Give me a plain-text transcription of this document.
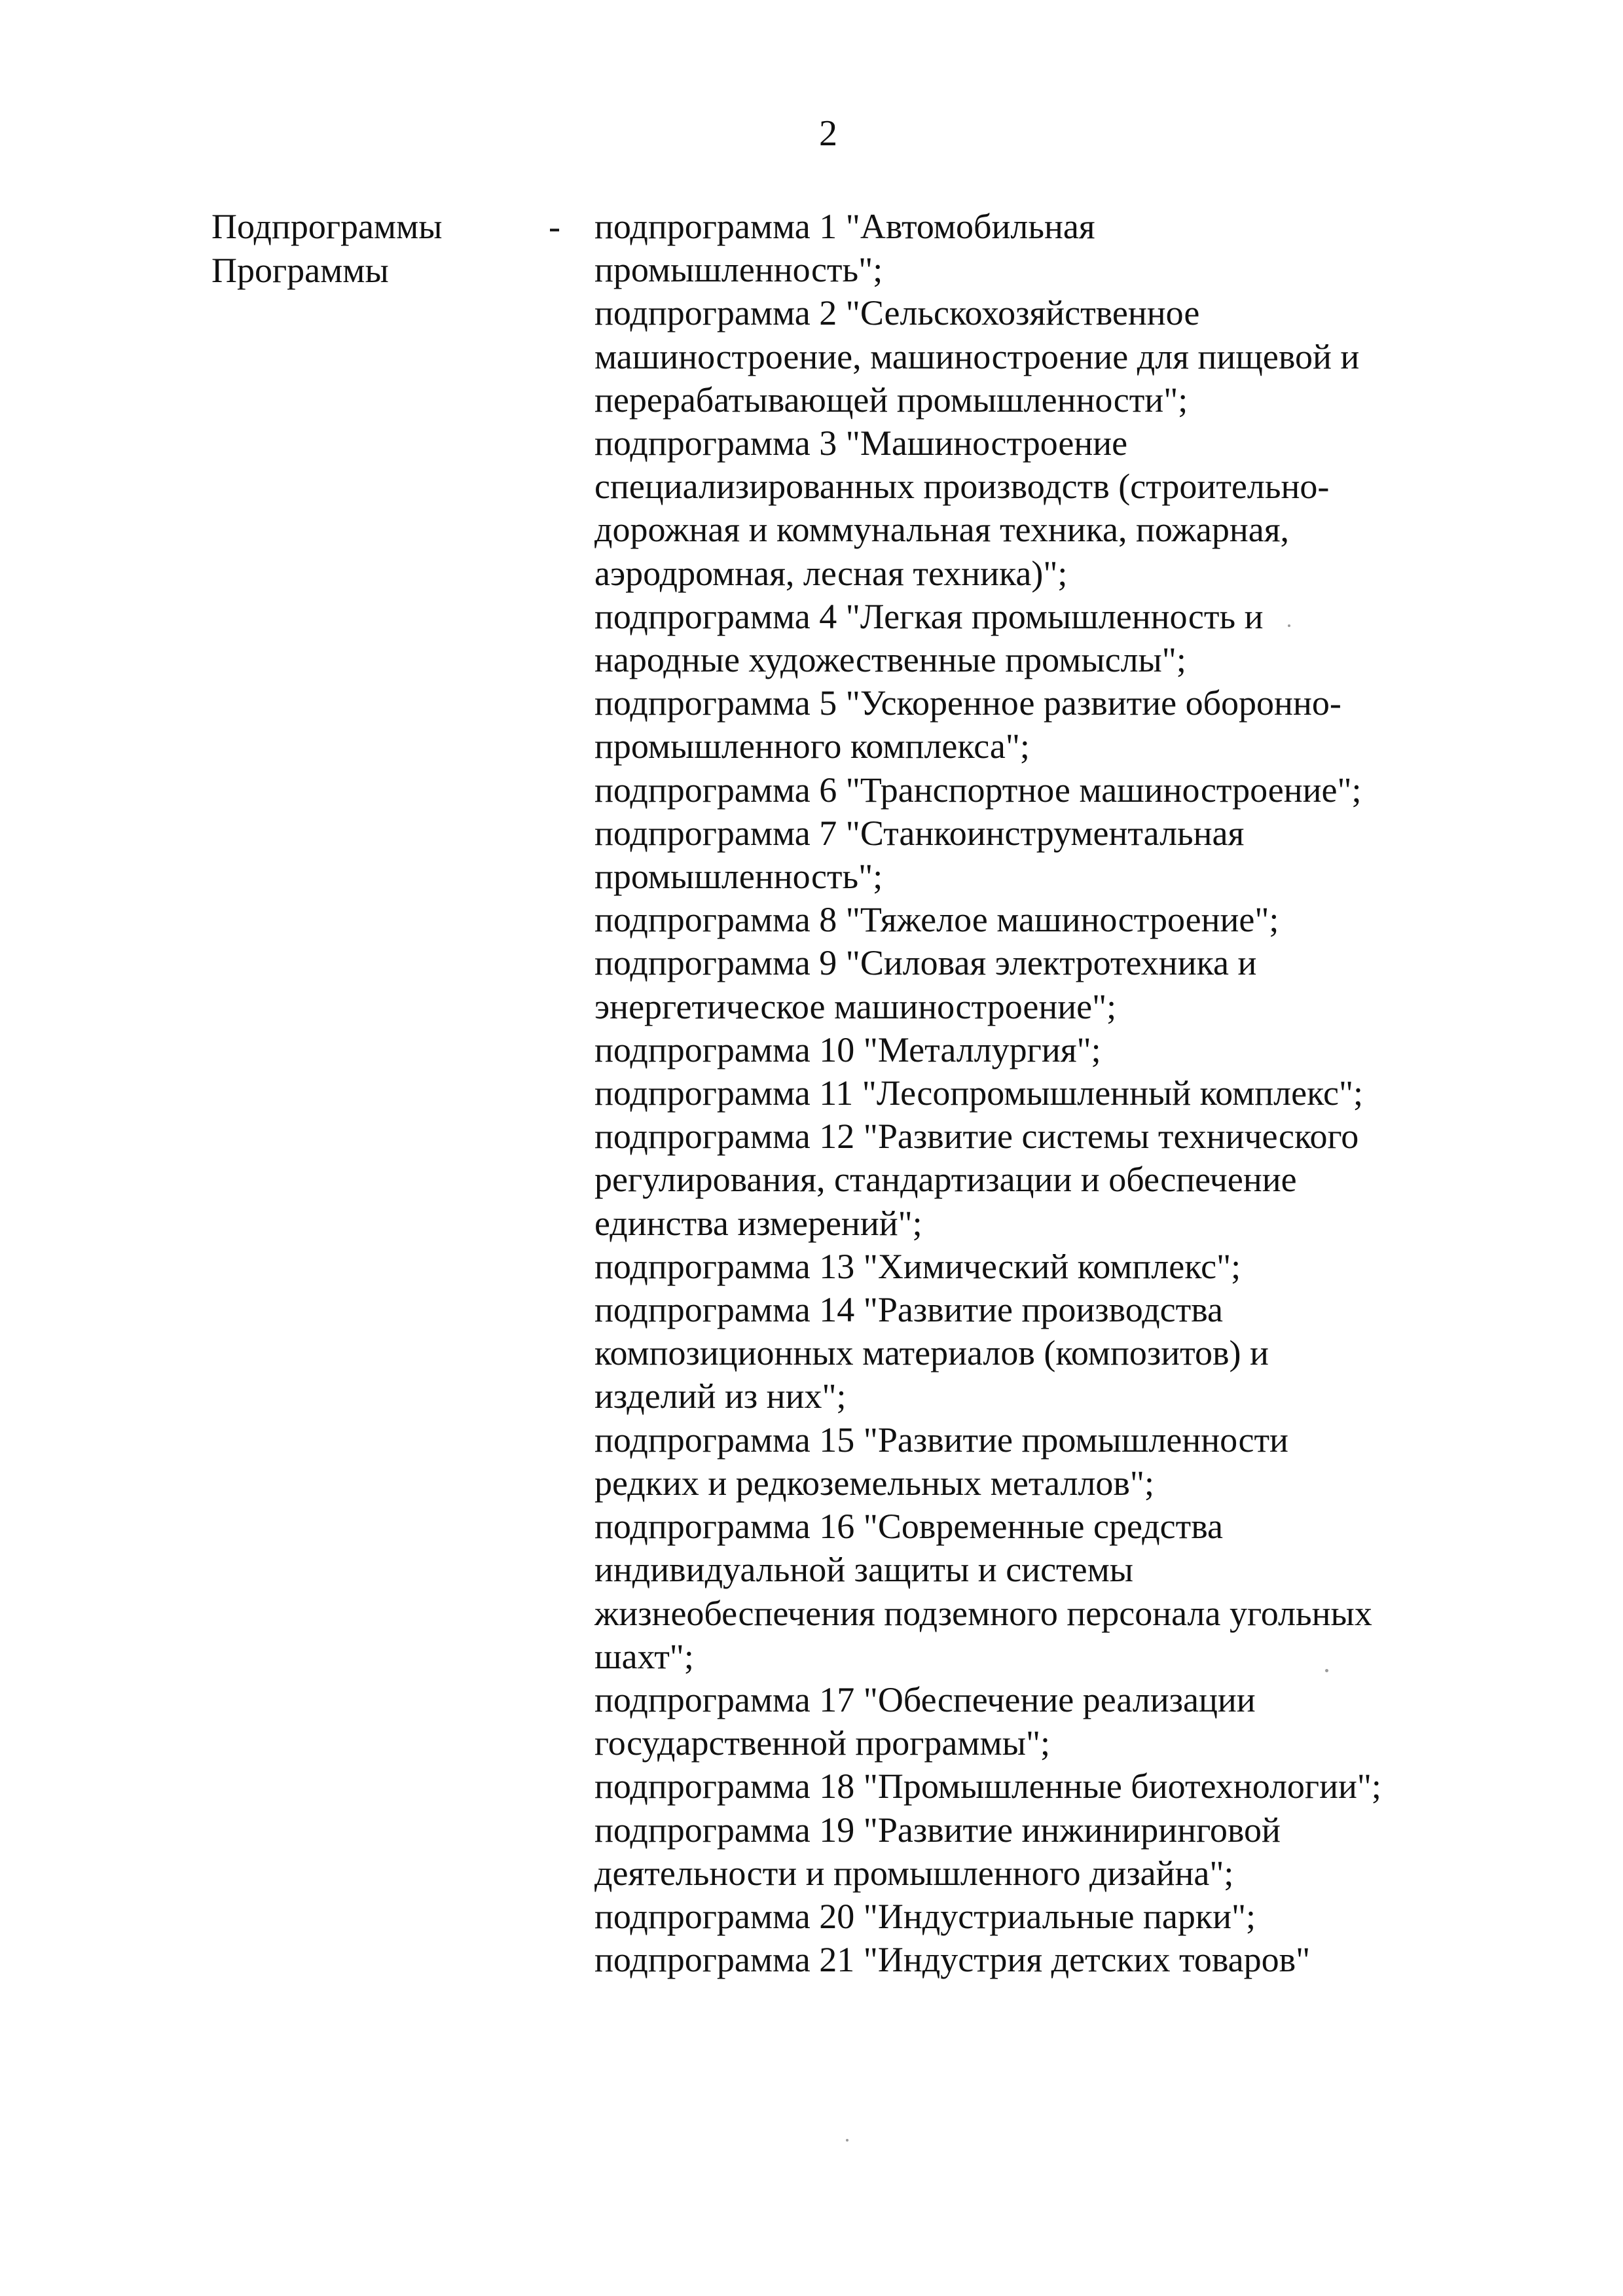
2
Подпрограммы
Программы
- подпрограмма 1 "Автомобильная
промышленность";
подпрограмма 2 "Сельскохозяйственное
машиностроение, машиностроение для пищевой и
перерабатывающей промышленности";
подпрограмма 3 "Машиностроение
специализированных производств (строительно-
дорожная и коммунальная техника, пожарная,
аэродромная, лесная техника)";
подпрограмма 4 "Легкая промышленность и
народные художественные промыслы";
подпрограмма 5 "Ускоренное развитие оборонно-
промышленного комплекса";
подпрограмма 6 "Транспортное машиностроение";
подпрограмма 7 "Станкоинструментальная
промышленность";
подпрограмма 8 "Тяжелое машиностроение";
подпрограмма 9 "Силовая электротехника и
энергетическое машиностроение";
подпрограмма 10 "Металлургия";
подпрограмма 11 "Лесопромышленный комплекс";
подпрограмма 12 "Развитие системы технического
регулирования, стандартизации и обеспечение
единства измерений";
подпрограмма 13 "Химический комплекс";
подпрограмма 14 "Развитие производства
композиционных материалов (композитов) и
изделий из них";
подпрограмма 15 "Развитие промышленности
редких и редкоземельных металлов";
подпрограмма 16 "Современные средства
индивидуальной защиты и системы
жизнеобеспечения подземного персонала угольных
шахт";
подпрограмма 17 "Обеспечение реализации
государственной программы";
подпрограмма 18 "Промышленные биотехнологии";
подпрограмма 19 "Развитие инжиниринговой
деятельности и промышленного дизайна";
подпрограмма 20 "Индустриальные парки";
подпрограмма 21 "Индустрия детских товаров"
